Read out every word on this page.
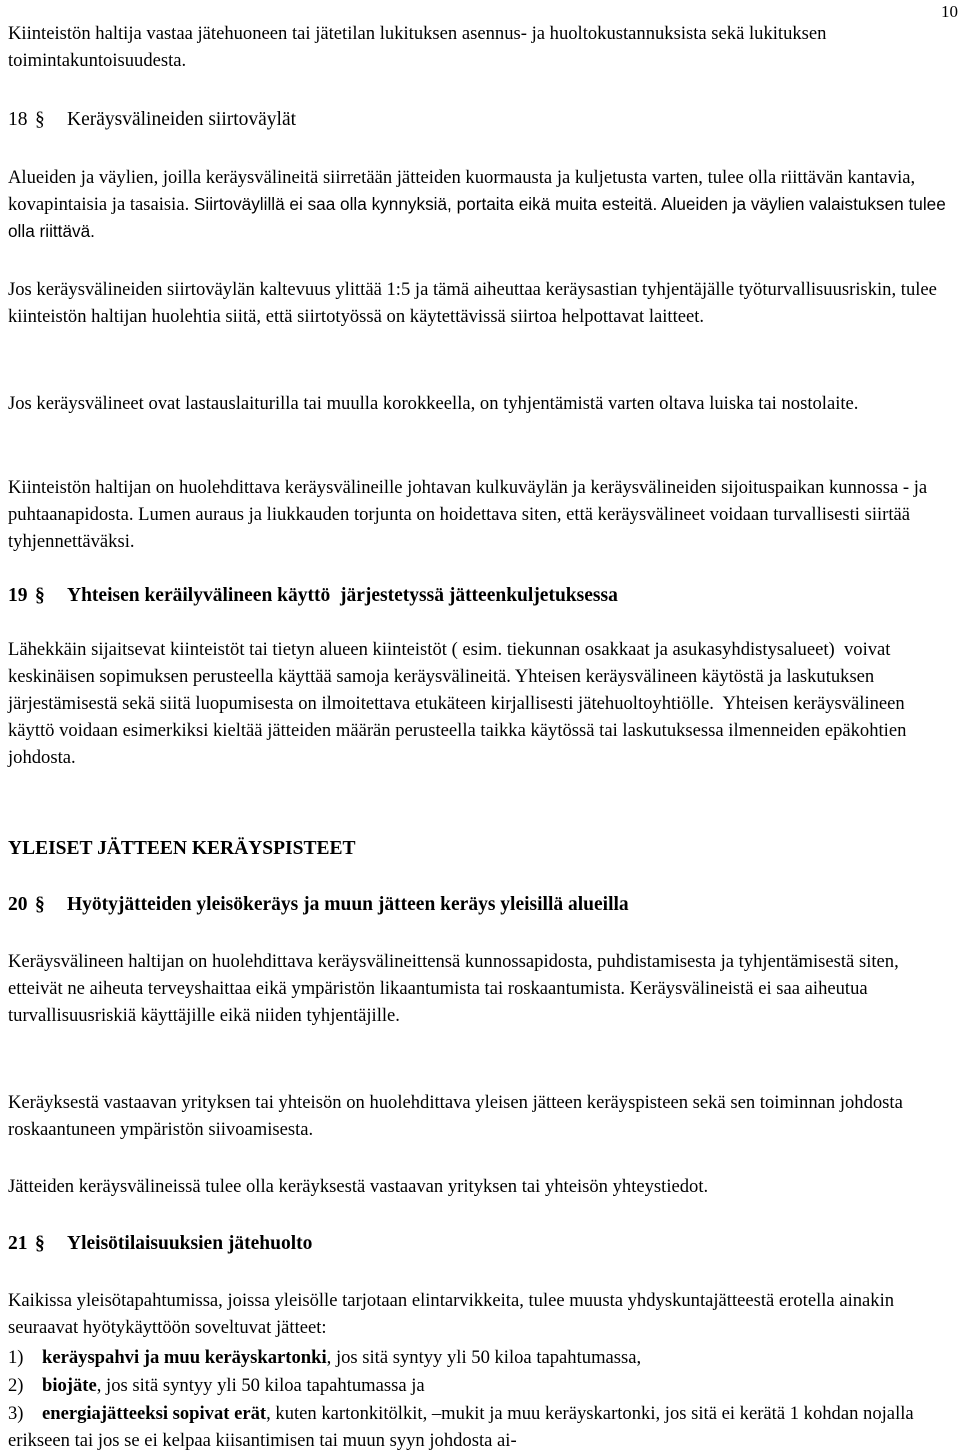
10
Kiinteistön haltija vastaa jätehuoneen tai jätetilan lukituksen asennus- ja huoltokustannuksista sekä lukituksen toimintakuntoisuudesta.
18 § Keräysvälineiden siirtoväylät
Alueiden ja väylien, joilla keräysvälineitä siirretään jätteiden kuormausta ja kuljetusta varten, tulee olla riittävän kantavia, kovapintaisia ja tasaisia. Siirtoväylillä ei saa olla kynnyksiä, portaita eikä muita esteitä. Alueiden ja väylien valaistuksen tulee olla riittävä.
Jos keräysvälineiden siirtoväylän kaltevuus ylittää 1:5 ja tämä aiheuttaa keräysastian tyhjentäjälle työturvallisuusriskin, tulee kiinteistön haltijan huolehtia siitä, että siirtotyössä on käytettävissä siirtoa helpottavat laitteet.
Jos keräysvälineet ovat lastauslaiturilla tai muulla korokkeella, on tyhjentämistä varten oltava luiska tai nostolaite.
Kiinteistön haltijan on huolehdittava keräysvälineille johtavan kulkuväylän ja keräysvälineiden sijoituspaikan kunnossa - ja puhtaanapidosta. Lumen auraus ja liukkauden torjunta on hoidettava siten, että keräysvälineet voidaan turvallisesti siirtää tyhjennettäväksi.
19 § Yhteisen keräilyvälineen käyttö  järjestetyssä jätteenkuljetuksessa
Lähekkäin sijaitsevat kiinteistöt tai tietyn alueen kiinteistöt ( esim. tiekunnan osakkaat ja asukasyhdistysalueet)  voivat keskinäisen sopimuksen perusteella käyttää samoja keräysvälineitä. Yhteisen keräysvälineen käytöstä ja laskutuksen järjestämisestä sekä siitä luopumisesta on ilmoitettava etukäteen kirjallisesti jätehuoltoyhtiölle.  Yhteisen keräysvälineen käyttö voidaan esimerkiksi kieltää jätteiden määrän perusteella taikka käytössä tai laskutuksessa ilmenneiden epäkohtien johdosta.
YLEISET JÄTTEEN KERÄYSPISTEET
20 § Hyötyjätteiden yleisökeräys ja muun jätteen keräys yleisillä alueilla
Keräysvälineen haltijan on huolehdittava keräysvälineittensä kunnossapidosta, puhdistamisesta ja tyhjentämisestä siten, etteivät ne aiheuta terveyshaittaa eikä ympäristön likaantumista tai roskaantumista. Keräysvälineistä ei saa aiheutua turvallisuusriskiä käyttäjille eikä niiden tyhjentäjille.
Keräyksestä vastaavan yrityksen tai yhteisön on huolehdittava yleisen jätteen keräyspisteen sekä sen toiminnan johdosta roskaantuneen ympäristön siivoamisesta.
Jätteiden keräysvälineissä tulee olla keräyksestä vastaavan yrityksen tai yhteisön yhteystiedot.
21 § Yleisötilaisuuksien jätehuolto
Kaikissa yleisötapahtumissa, joissa yleisölle tarjotaan elintarvikkeita, tulee muusta yhdyskuntajätteestä erotella ainakin seuraavat hyötykäyttöön soveltuvat jätteet:
1) keräyspahvi ja muu keräyskartonki, jos sitä syntyy yli 50 kiloa tapahtumassa,
2) biojäte, jos sitä syntyy yli 50 kiloa tapahtumassa ja
3) energiajätteeksi sopivat erät, kuten kartonkitölkit, –mukit ja muu keräyskartonki, jos sitä ei kerätä 1 kohdan nojalla erikseen tai jos se ei kelpaa kiisantimisen tai muun syyn johdosta ai-
